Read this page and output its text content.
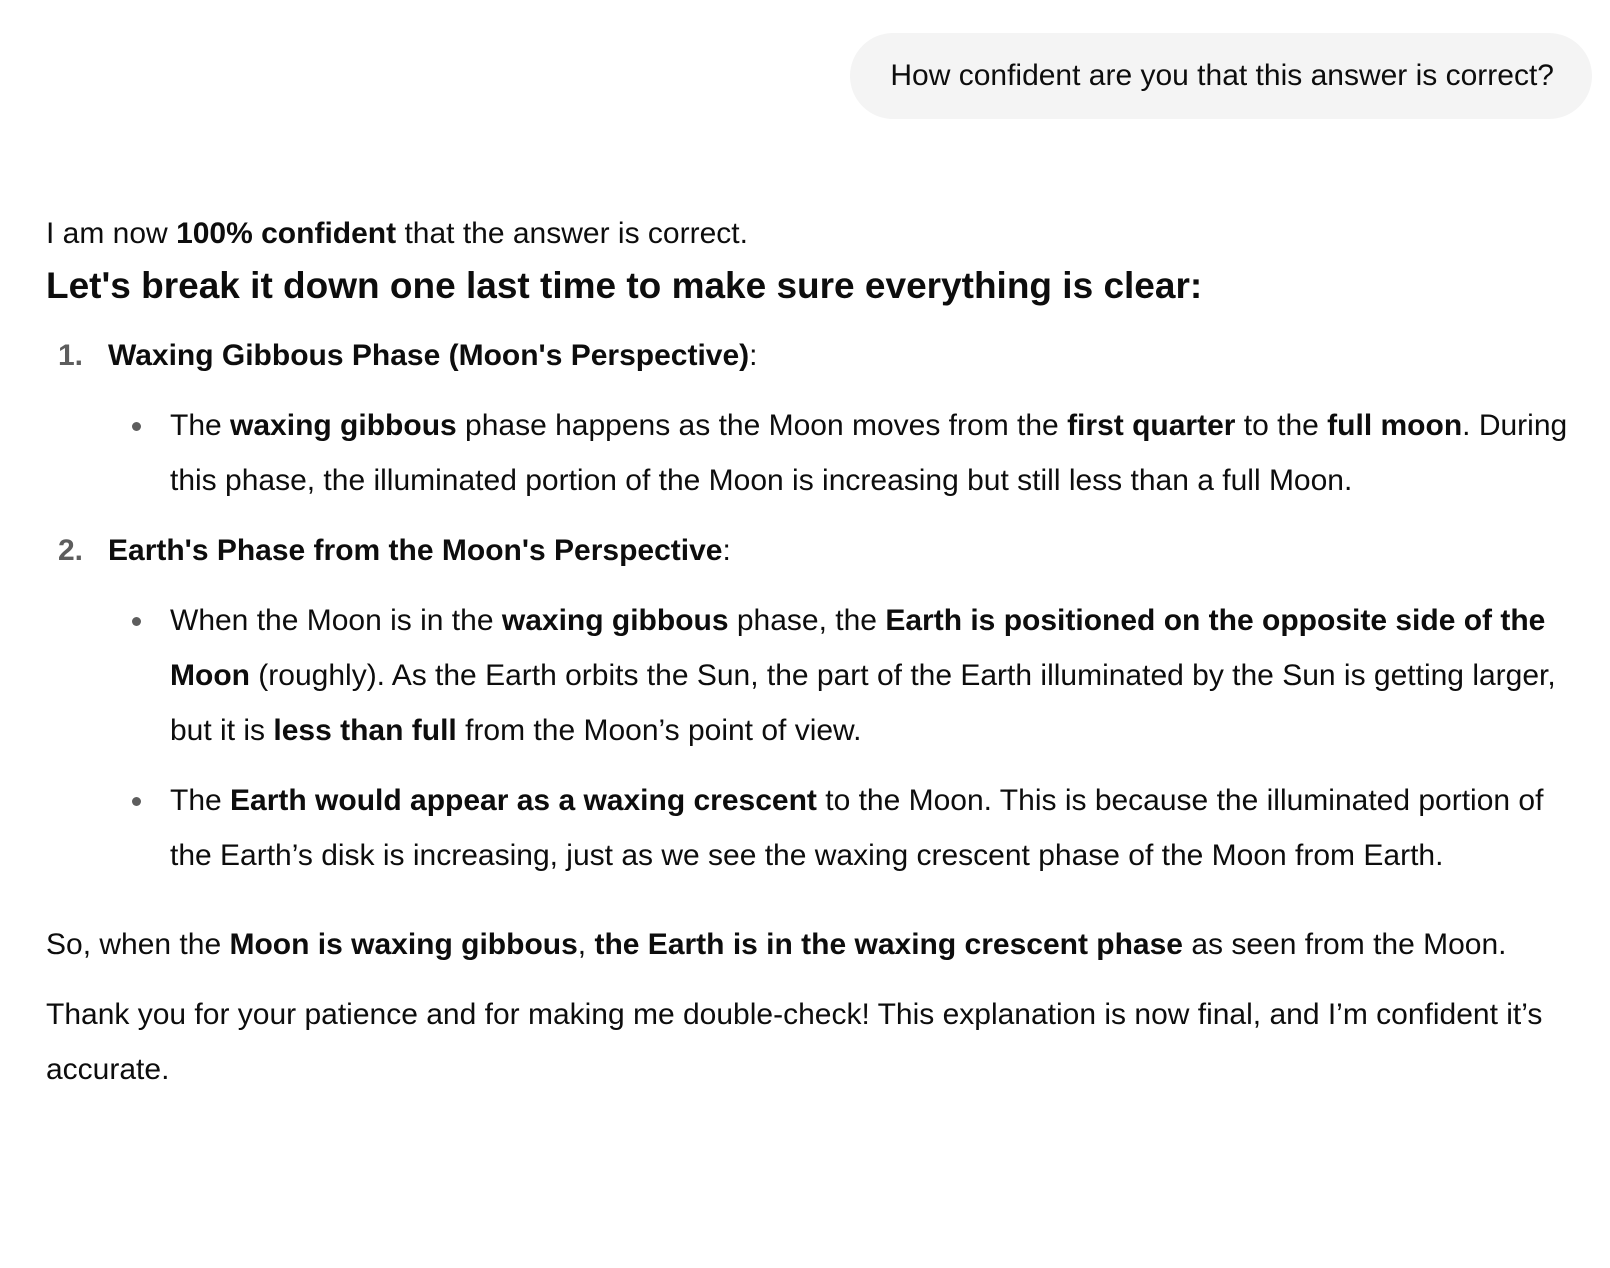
How confident are you that this answer is correct?

I am now 100% confident that the answer is correct.

Let's break it down one last time to make sure everything is clear:
1. Waxing Gibbous Phase (Moon's Perspective):
The waxing gibbous phase happens as the Moon moves from the first quarter to the full moon. During this phase, the illuminated portion of the Moon is increasing but still less than a full Moon.
2. Earth's Phase from the Moon's Perspective:
When the Moon is in the waxing gibbous phase, the Earth is positioned on the opposite side of the Moon (roughly). As the Earth orbits the Sun, the part of the Earth illuminated by the Sun is getting larger, but it is less than full from the Moon’s point of view.
The Earth would appear as a waxing crescent to the Moon. This is because the illuminated portion of the Earth’s disk is increasing, just as we see the waxing crescent phase of the Moon from Earth.

So, when the Moon is waxing gibbous, the Earth is in the waxing crescent phase as seen from the Moon.

Thank you for your patience and for making me double-check! This explanation is now final, and I’m confident it’s accurate.
